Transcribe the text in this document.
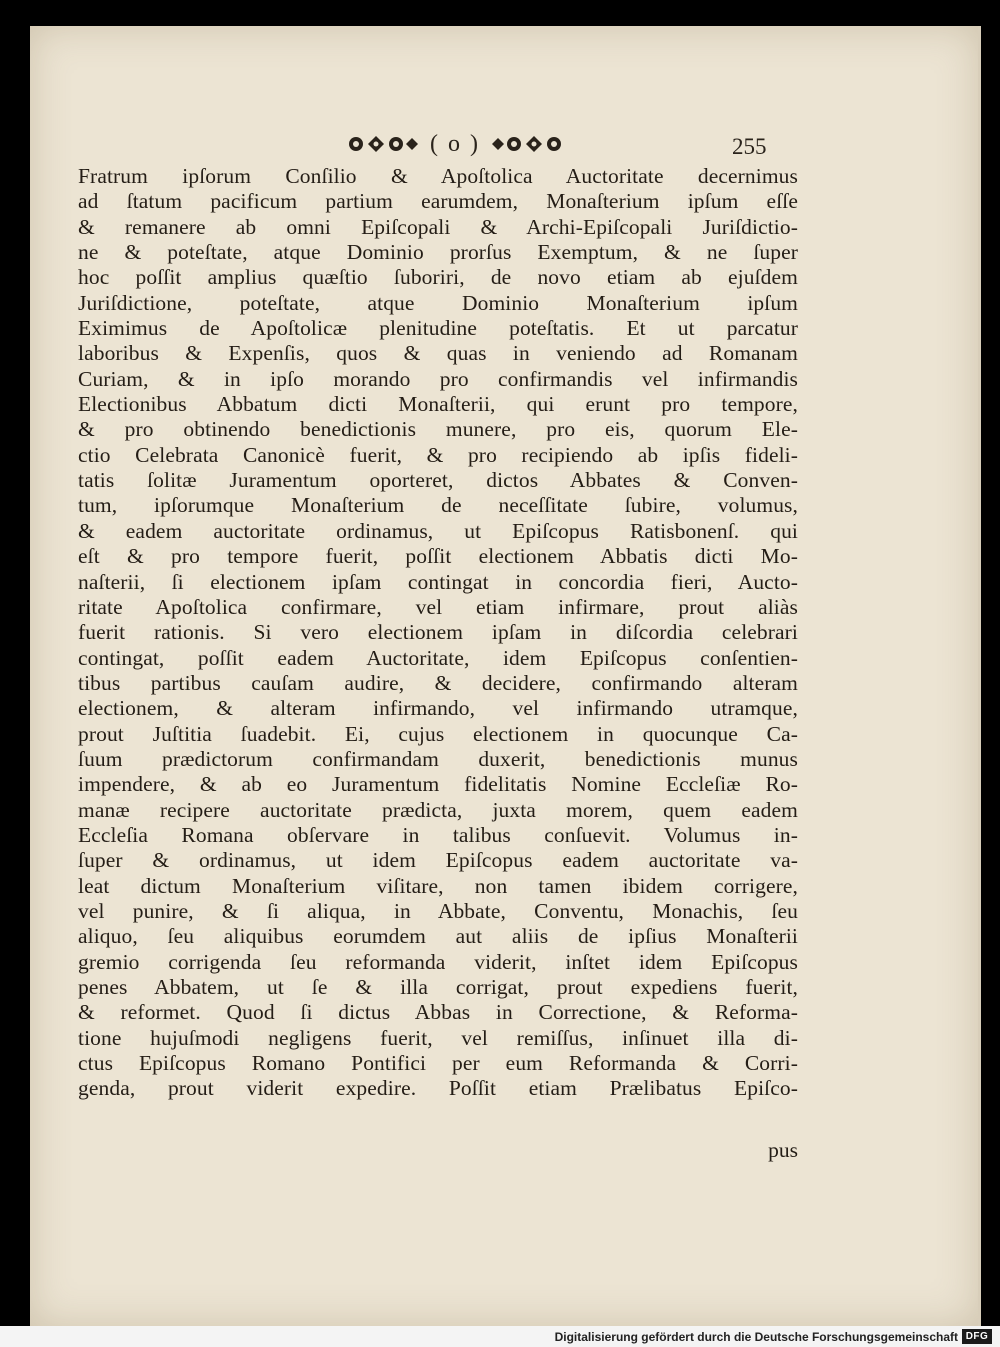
( o )	255
Fratrum ipſorum Conſilio & Apoſtolica Auctoritate decernimus
ad ſtatum pacificum partium earumdem, Monaſterium ipſum eſſe
& remanere ab omni Epiſcopali & Archi-Epiſcopali Juriſdictio-
ne & poteſtate, atque Dominio prorſus Exemptum, & ne ſuper
hoc poſſit amplius quæſtio ſuboriri, de novo etiam ab ejuſdem
Juriſdictione, poteſtate, atque Dominio Monaſterium ipſum
Eximimus de Apoſtolicæ plenitudine poteſtatis. Et ut parcatur
laboribus & Expenſis, quos & quas in veniendo ad Romanam
Curiam, & in ipſo morando pro confirmandis vel infirmandis
Electionibus Abbatum dicti Monaſterii, qui erunt pro tempore,
& pro obtinendo benedictionis munere, pro eis, quorum Ele-
ctio Celebrata Canonicè fuerit, & pro recipiendo ab ipſis fideli-
tatis ſolitæ Juramentum oporteret, dictos Abbates & Conven-
tum, ipſorumque Monaſterium de neceſſitate ſubire, volumus,
& eadem auctoritate ordinamus, ut Epiſcopus Ratisbonenſ. qui
eſt & pro tempore fuerit, poſſit electionem Abbatis dicti Mo-
naſterii, ſi electionem ipſam contingat in concordia fieri, Aucto-
ritate Apoſtolica confirmare, vel etiam infirmare, prout aliàs
fuerit rationis. Si vero electionem ipſam in diſcordia celebrari
contingat, poſſit eadem Auctoritate, idem Epiſcopus conſentien-
tibus partibus cauſam audire, & decidere, confirmando alteram
electionem, & alteram infirmando, vel infirmando utramque,
prout Juſtitia ſuadebit. Ei, cujus electionem in quocunque Ca-
ſuum prædictorum confirmandam duxerit, benedictionis munus
impendere, & ab eo Juramentum fidelitatis Nomine Eccleſiæ Ro-
manæ recipere auctoritate prædicta, juxta morem, quem eadem
Eccleſia Romana obſervare in talibus conſuevit. Volumus in-
ſuper & ordinamus, ut idem Epiſcopus eadem auctoritate va-
leat dictum Monaſterium viſitare, non tamen ibidem corrigere,
vel punire, & ſi aliqua, in Abbate, Conventu, Monachis, ſeu
aliquo, ſeu aliquibus eorumdem aut aliis de ipſius Monaſterii
gremio corrigenda ſeu reformanda viderit, inſtet idem Epiſcopus
penes Abbatem, ut ſe & illa corrigat, prout expediens fuerit,
& reformet. Quod ſi dictus Abbas in Correctione, & Reforma-
tione hujuſmodi negligens fuerit, vel remiſſus, inſinuet illa di-
ctus Epiſcopus Romano Pontifici per eum Reformanda & Corri-
genda, prout viderit expedire. Poſſit etiam Prælibatus Epiſco-
pus
Digitalisierung gefördert durch die Deutsche Forschungsgemeinschaft DFG
